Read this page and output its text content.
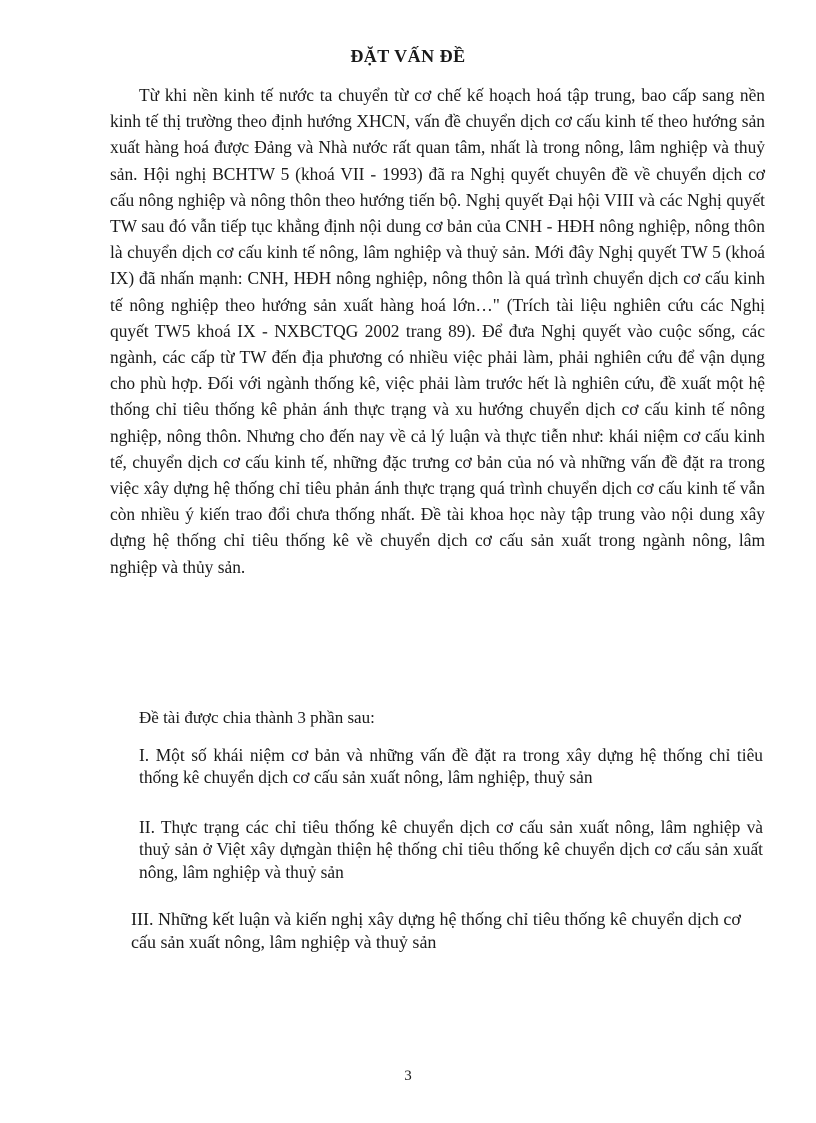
ĐẶT VẤN ĐỀ

Từ khi nền kinh tế nước ta chuyển từ cơ chế kế hoạch hoá tập trung, bao cấp sang nền kinh tế thị trường theo định hướng XHCN, vấn đề chuyển dịch cơ cấu kinh tế theo hướng sản xuất hàng hoá được Đảng và Nhà nước rất quan tâm, nhất là trong nông, lâm nghiệp và thuỷ sản. Hội nghị BCHTW 5 (khoá VII - 1993) đã ra Nghị quyết chuyên đề về chuyển dịch cơ cấu nông nghiệp và nông thôn theo hướng tiến bộ. Nghị quyết Đại hội VIII và các Nghị quyết TW sau đó vẫn tiếp tục khẳng định nội dung cơ bản của CNH - HĐH nông nghiệp, nông thôn là chuyển dịch cơ cấu kinh tế nông, lâm nghiệp và thuỷ sản. Mới đây Nghị quyết TW 5 (khoá IX) đã nhấn mạnh: CNH, HĐH nông nghiệp, nông thôn là quá trình chuyển dịch cơ cấu kinh tế nông nghiệp theo hướng sản xuất hàng hoá lớn…" (Trích tài liệu nghiên cứu các Nghị quyết TW5 khoá IX - NXBCTQG 2002 trang 89). Để đưa Nghị quyết vào cuộc sống, các ngành, các cấp từ TW đến địa phương có nhiều việc phải làm, phải nghiên cứu để vận dụng cho phù hợp. Đối với ngành thống kê, việc phải làm trước hết là nghiên cứu, đề xuất một hệ thống chỉ tiêu thống kê phản ánh thực trạng và xu hướng chuyển dịch cơ cấu kinh tế nông nghiệp, nông thôn. Nhưng cho đến nay về cả lý luận và thực tiễn như: khái niệm cơ cấu kinh tế, chuyển dịch cơ cấu kinh tế, những đặc trưng cơ bản của nó và những vấn đề đặt ra trong việc xây dựng hệ thống chỉ tiêu phản ánh thực trạng quá trình chuyển dịch cơ cấu kinh tế vẫn còn nhiều ý kiến trao đổi chưa thống nhất. Đề tài khoa học này tập trung vào nội dung xây dựng hệ thống chỉ tiêu thống kê về chuyển dịch cơ cấu sản xuất trong ngành nông, lâm nghiệp và thủy sản.

Đề tài được chia thành 3 phần sau:

I. Một số khái niệm cơ bản và những vấn đề đặt ra trong xây dựng hệ thống chỉ tiêu thống kê chuyển dịch cơ cấu sản xuất nông, lâm nghiệp, thuỷ sản

II. Thực trạng các chỉ tiêu thống kê chuyển dịch cơ cấu sản xuất nông, lâm nghiệp và thuỷ sản ở Việt xây dựngàn thiện hệ thống chỉ tiêu thống kê chuyển dịch cơ cấu sản xuất nông, lâm nghiệp và thuỷ sản

III. Những kết luận và kiến nghị xây dựng hệ thống chỉ tiêu thống kê chuyển dịch cơ cấu sản xuất nông, lâm nghiệp và thuỷ sản

3
